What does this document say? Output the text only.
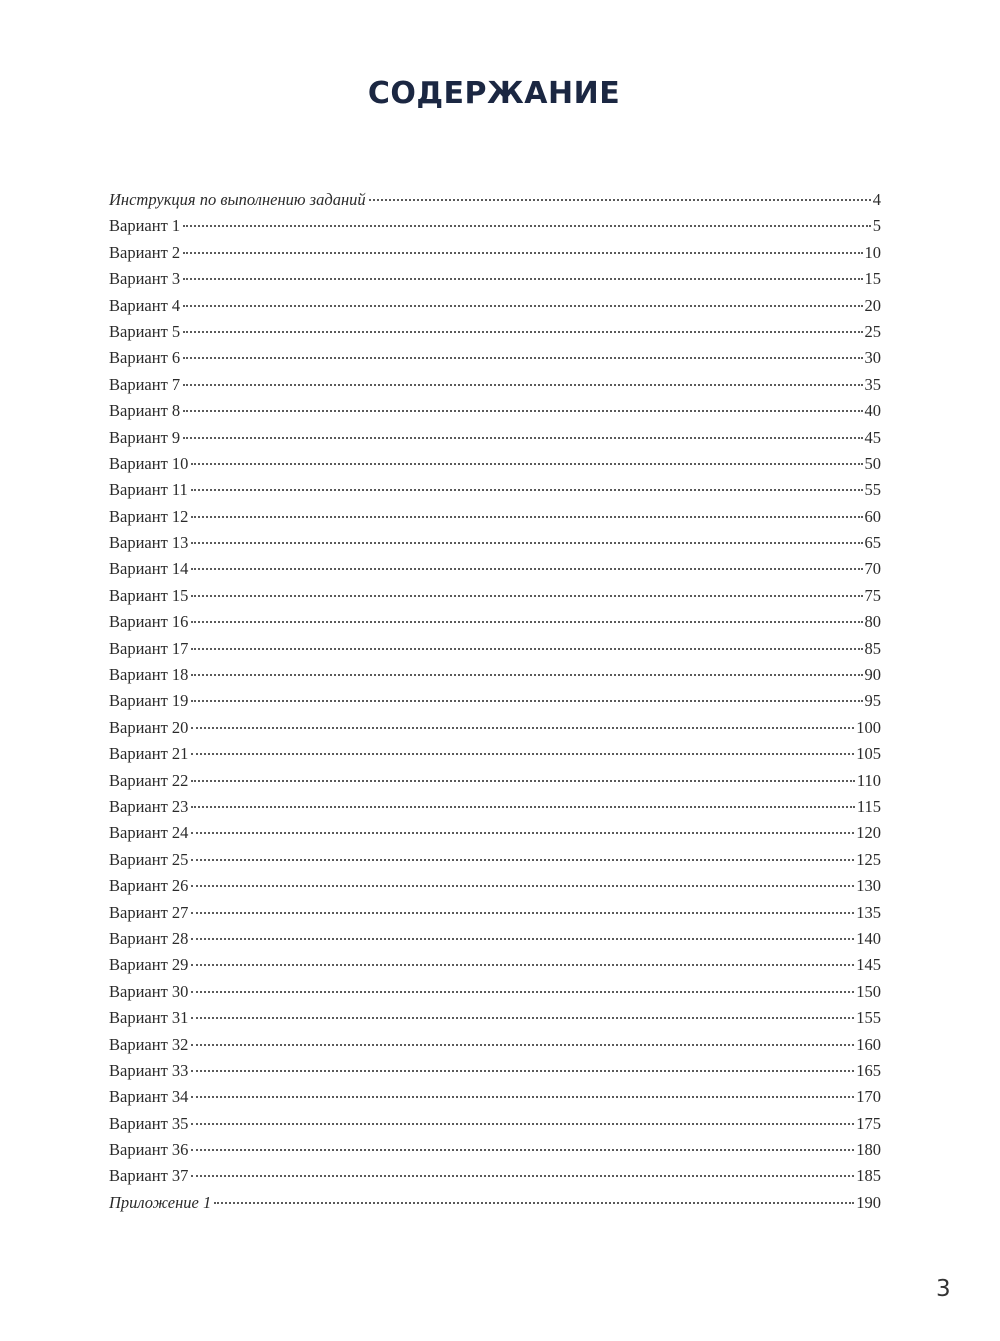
СОДЕРЖАНИЕ
Инструкция по выполнению заданий	4
Вариант 1	5
Вариант 2	10
Вариант 3	15
Вариант 4	20
Вариант 5	25
Вариант 6	30
Вариант 7	35
Вариант 8	40
Вариант 9	45
Вариант 10	50
Вариант 11	55
Вариант 12	60
Вариант 13	65
Вариант 14	70
Вариант 15	75
Вариант 16	80
Вариант 17	85
Вариант 18	90
Вариант 19	95
Вариант 20	100
Вариант 21	105
Вариант 22	110
Вариант 23	115
Вариант 24	120
Вариант 25	125
Вариант 26	130
Вариант 27	135
Вариант 28	140
Вариант 29	145
Вариант 30	150
Вариант 31	155
Вариант 32	160
Вариант 33	165
Вариант 34	170
Вариант 35	175
Вариант 36	180
Вариант 37	185
Приложение 1	190
3
